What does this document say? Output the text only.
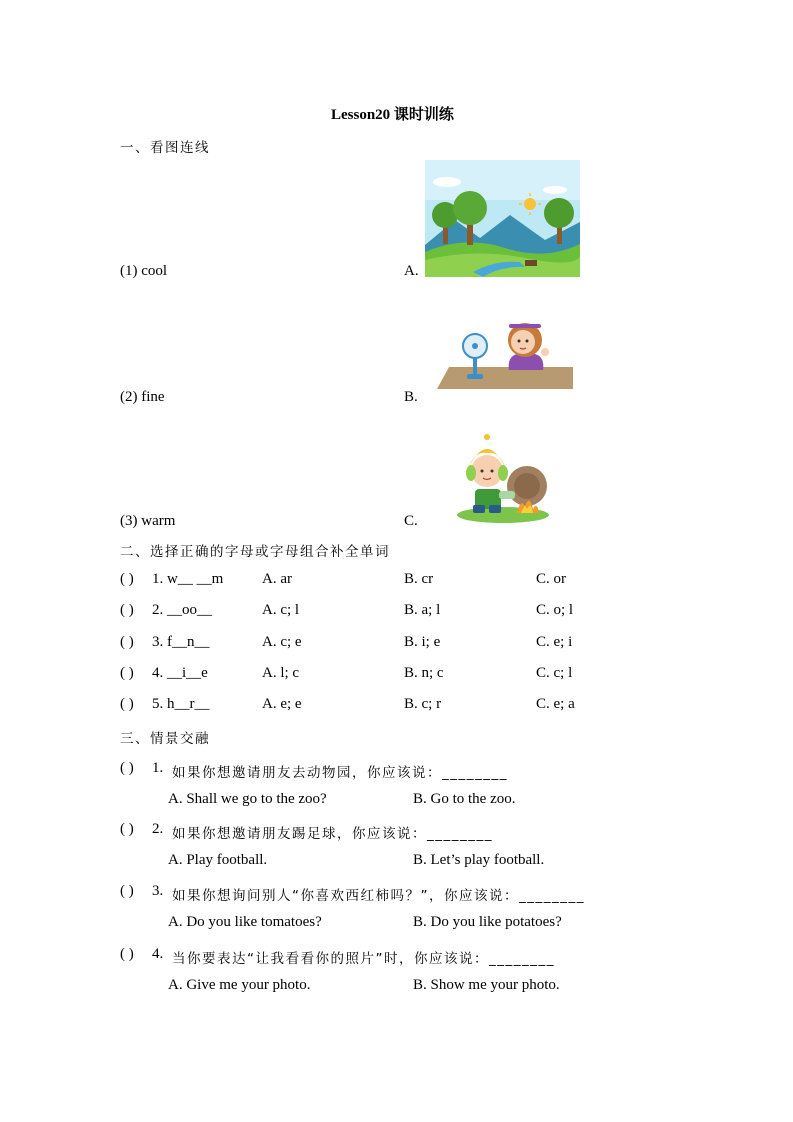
Lesson20 课时训练
一、看图连线
(1) cool
(2) fine
(3) warm
A.
B.
C.
二、选择正确的字母或字母组合补全单词
( ) 1. w__ __m	A. ar	B. cr	C. or
( ) 2. __oo__	A. c; l	B. a; l	C. o; l
( ) 3. f__n__	A. c; e	B. i; e	C. e; i
( ) 4. __i__e	A. l; c	B. n; c	C. c; l
( ) 5. h__r__	A. e; e	B. c; r	C. e; a
三、情景交融
( ) 1. 如果你想邀请朋友去动物园，你应该说：________
A. Shall we go to the zoo?	B. Go to the zoo.
( ) 2. 如果你想邀请朋友踢足球，你应该说：________
A. Play football.	B. Let’s play football.
( ) 3. 如果你想询问别人“你喜欢西红柿吗？”，你应该说：________
A. Do you like tomatoes?	B. Do you like potatoes?
( ) 4. 当你要表达“让我看看你的照片”时，你应该说：________
A. Give me your photo.	B. Show me your photo.
